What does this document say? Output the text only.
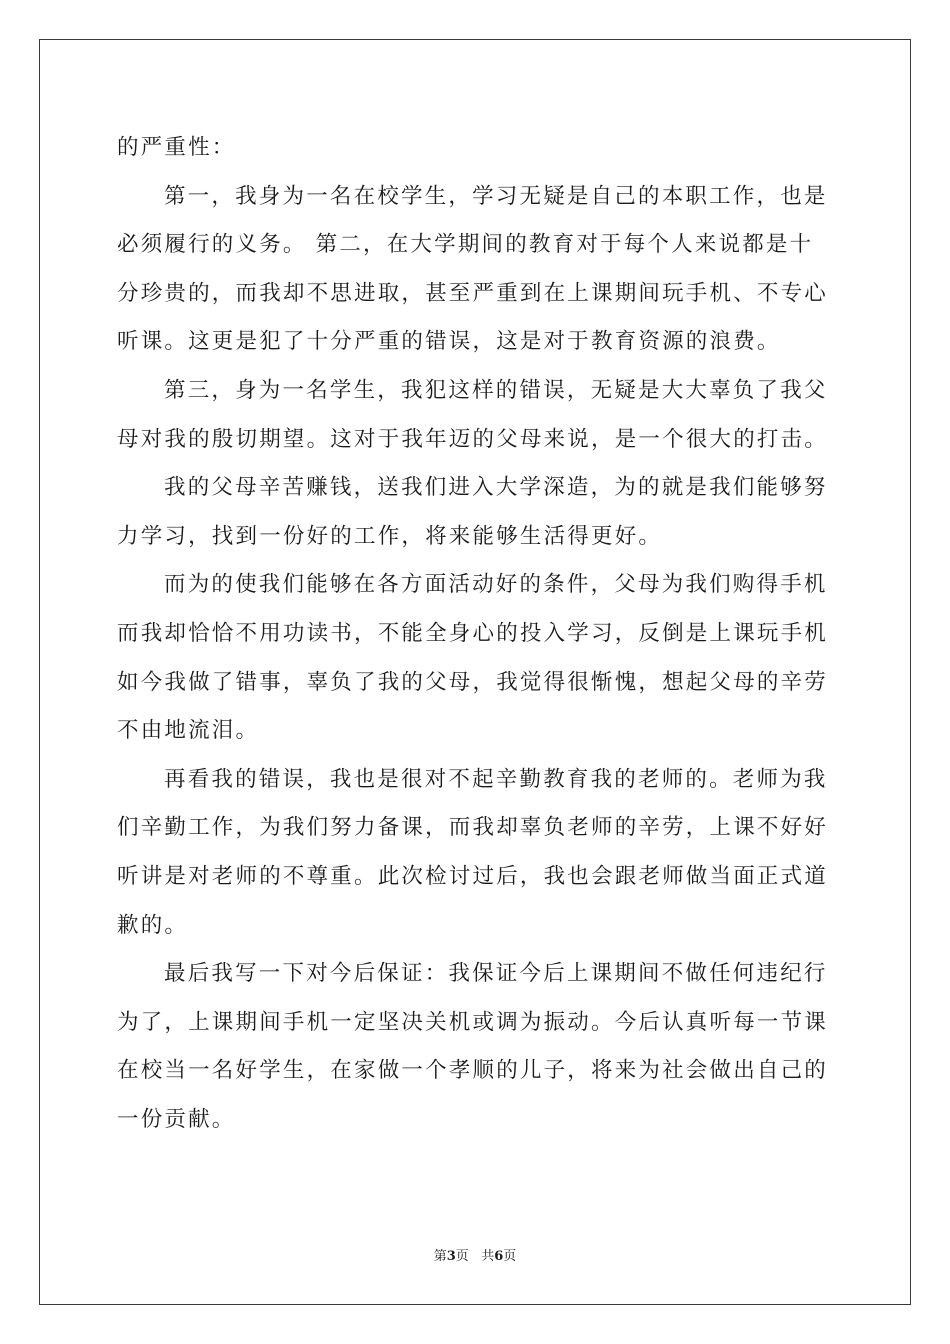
的严重性：
第一，我身为一名在校学生，学习无疑是自己的本职工作，也是
必须履行的义务。 第二，在大学期间的教育对于每个人来说都是十
分珍贵的，而我却不思进取，甚至严重到在上课期间玩手机、不专心
听课。这更是犯了十分严重的错误，这是对于教育资源的浪费。
第三，身为一名学生，我犯这样的错误，无疑是大大辜负了我父
母对我的殷切期望。这对于我年迈的父母来说，是一个很大的打击。
我的父母辛苦赚钱，送我们进入大学深造，为的就是我们能够努
力学习，找到一份好的工作，将来能够生活得更好。
而为的使我们能够在各方面活动好的条件，父母为我们购得手机
而我却恰恰不用功读书，不能全身心的投入学习，反倒是上课玩手机
如今我做了错事，辜负了我的父母，我觉得很惭愧，想起父母的辛劳
不由地流泪。
再看我的错误，我也是很对不起辛勤教育我的老师的。老师为我
们辛勤工作，为我们努力备课，而我却辜负老师的辛劳，上课不好好
听讲是对老师的不尊重。此次检讨过后，我也会跟老师做当面正式道
歉的。
最后我写一下对今后保证：我保证今后上课期间不做任何违纪行
为了，上课期间手机一定坚决关机或调为振动。今后认真听每一节课
在校当一名好学生，在家做一个孝顺的儿子，将来为社会做出自己的
一份贡献。
第3页 共6页
